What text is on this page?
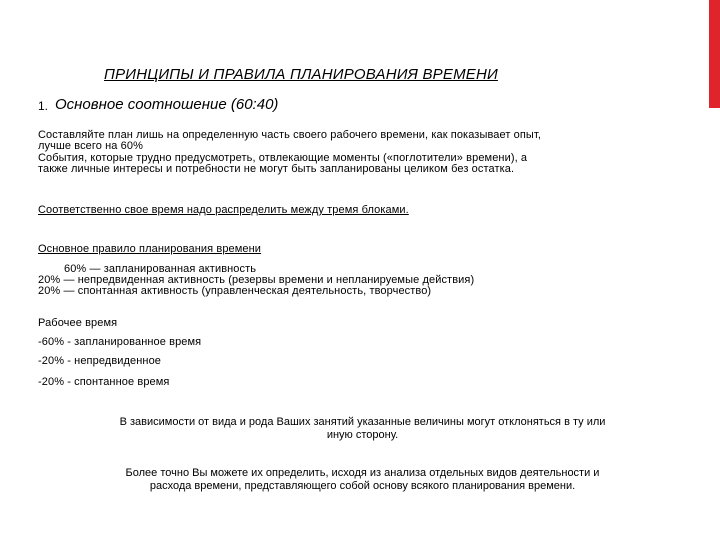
ПРИНЦИПЫ И ПРАВИЛА ПЛАНИРОВАНИЯ ВРЕМЕНИ
1. Основное соотношение (60:40)
Составляйте план лишь на определенную часть своего рабочего времени, как показывает опыт,
лучше всего на 60%
События, которые трудно предусмотреть, отвлекающие моменты («поглотители» времени), а
также личные интересы и потребности не могут быть запланированы целиком без остатка.
Соответственно свое время надо распределить между тремя блоками.
Основное правило планирования времени
60% — запланированная активность
20% — непредвиденная активность (резервы времени и непланируемые действия)
20% — спонтанная активность (управленческая деятельность, творчество)
Рабочее время
-60% - запланированное время
-20% - непредвиденное
-20% - спонтанное время
В зависимости от вида и рода Ваших занятий указанные величины могут отклоняться в ту или
иную сторону.
Более точно Вы можете их определить, исходя из анализа отдельных видов деятельности и
расхода времени, представляющего собой основу всякого планирования времени.
